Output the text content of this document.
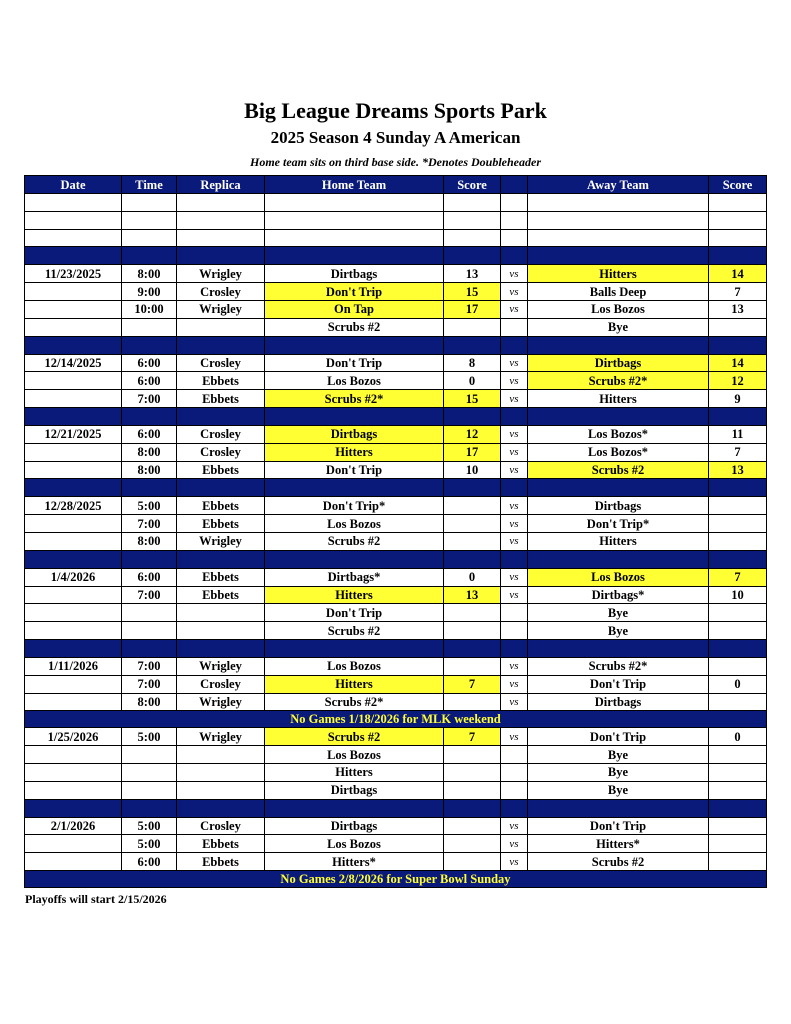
Big League Dreams Sports Park
2025 Season 4 Sunday A American
Home team sits on third base side. *Denotes Doubleheader
Date	Time	Replica	Home Team	Score		Away Team	Score

11/23/2025	8:00	Wrigley	Dirtbags	13	vs	Hitters	14
	9:00	Crosley	Don't Trip	15	vs	Balls Deep	7
	10:00	Wrigley	On Tap	17	vs	Los Bozos	13
			Scrubs #2			Bye	

12/14/2025	6:00	Crosley	Don't Trip	8	vs	Dirtbags	14
	6:00	Ebbets	Los Bozos	0	vs	Scrubs #2*	12
	7:00	Ebbets	Scrubs #2*	15	vs	Hitters	9

12/21/2025	6:00	Crosley	Dirtbags	12	vs	Los Bozos*	11
	8:00	Crosley	Hitters	17	vs	Los Bozos*	7
	8:00	Ebbets	Don't Trip	10	vs	Scrubs #2	13

12/28/2025	5:00	Ebbets	Don't Trip*		vs	Dirtbags	
	7:00	Ebbets	Los Bozos		vs	Don't Trip*	
	8:00	Wrigley	Scrubs #2		vs	Hitters	

1/4/2026	6:00	Ebbets	Dirtbags*	0	vs	Los Bozos	7
	7:00	Ebbets	Hitters	13	vs	Dirtbags*	10
			Don't Trip			Bye	
			Scrubs #2			Bye	

1/11/2026	7:00	Wrigley	Los Bozos		vs	Scrubs #2*	
	7:00	Crosley	Hitters	7	vs	Don't Trip	0
	8:00	Wrigley	Scrubs #2*		vs	Dirtbags	
No Games 1/18/2026 for MLK weekend							
1/25/2026	5:00	Wrigley	Scrubs #2	7	vs	Don't Trip	0
			Los Bozos			Bye	
			Hitters			Bye	
			Dirtbags			Bye	

2/1/2026	5:00	Crosley	Dirtbags		vs	Don't Trip	
	5:00	Ebbets	Los Bozos		vs	Hitters*	
	6:00	Ebbets	Hitters*		vs	Scrubs #2	
No Games 2/8/2026 for Super Bowl Sunday							
Playoffs will start 2/15/2026
